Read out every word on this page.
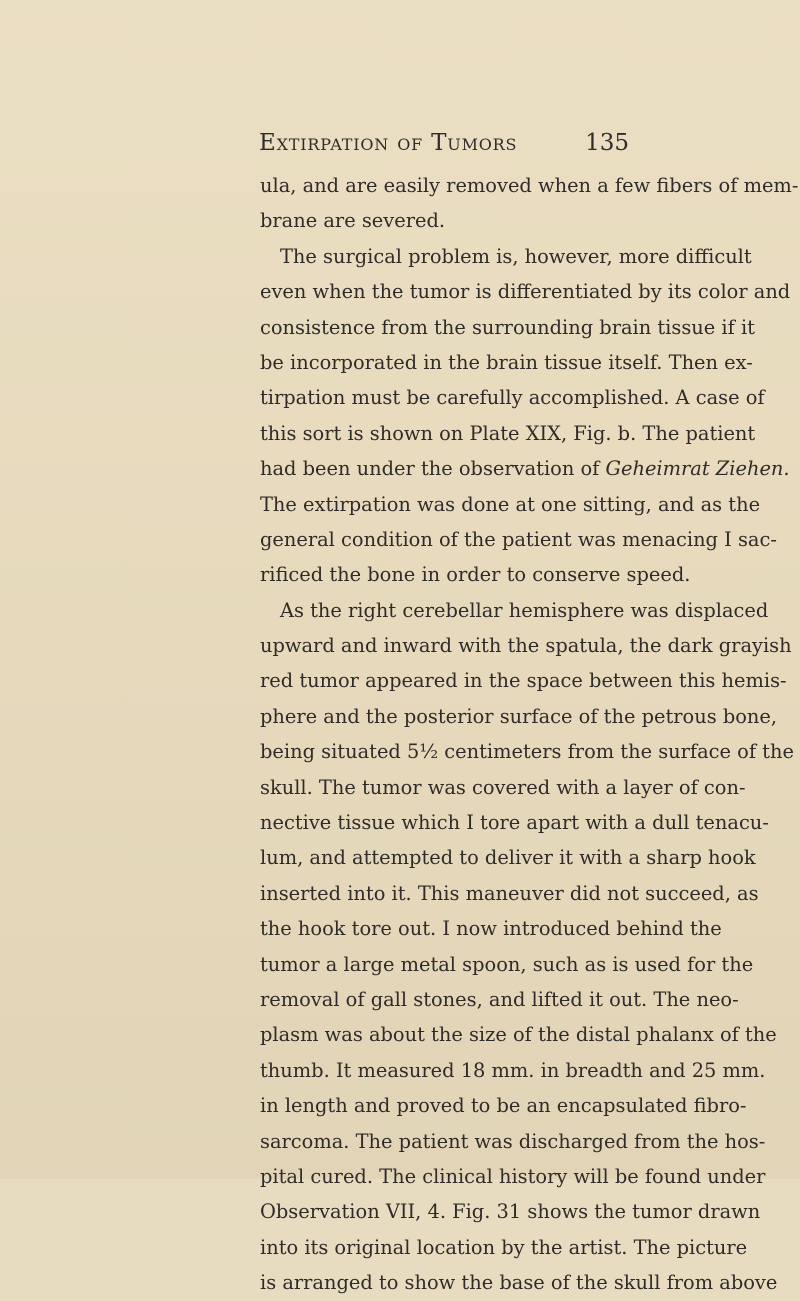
Extirpation of Tumors	135
ula, and are easily removed when a few fibers of mem-
brane are severed.
The surgical problem is, however, more difficult
even when the tumor is differentiated by its color and
consistence from the surrounding brain tissue if it
be incorporated in the brain tissue itself. Then ex-
tirpation must be carefully accomplished. A case of
this sort is shown on Plate XIX, Fig. b. The patient
had been under the observation of Geheimrat Ziehen.
The extirpation was done at one sitting, and as the
general condition of the patient was menacing I sac-
rificed the bone in order to conserve speed.
As the right cerebellar hemisphere was displaced
upward and inward with the spatula, the dark grayish
red tumor appeared in the space between this hemis-
phere and the posterior surface of the petrous bone,
being situated 5½ centimeters from the surface of the
skull. The tumor was covered with a layer of con-
nective tissue which I tore apart with a dull tenacu-
lum, and attempted to deliver it with a sharp hook
inserted into it. This maneuver did not succeed, as
the hook tore out. I now introduced behind the
tumor a large metal spoon, such as is used for the
removal of gall stones, and lifted it out. The neo-
plasm was about the size of the distal phalanx of the
thumb. It measured 18 mm. in breadth and 25 mm.
in length and proved to be an encapsulated fibro-
sarcoma. The patient was discharged from the hos-
pital cured. The clinical history will be found under
Observation VII, 4. Fig. 31 shows the tumor drawn
into its original location by the artist. The picture
is arranged to show the base of the skull from above
